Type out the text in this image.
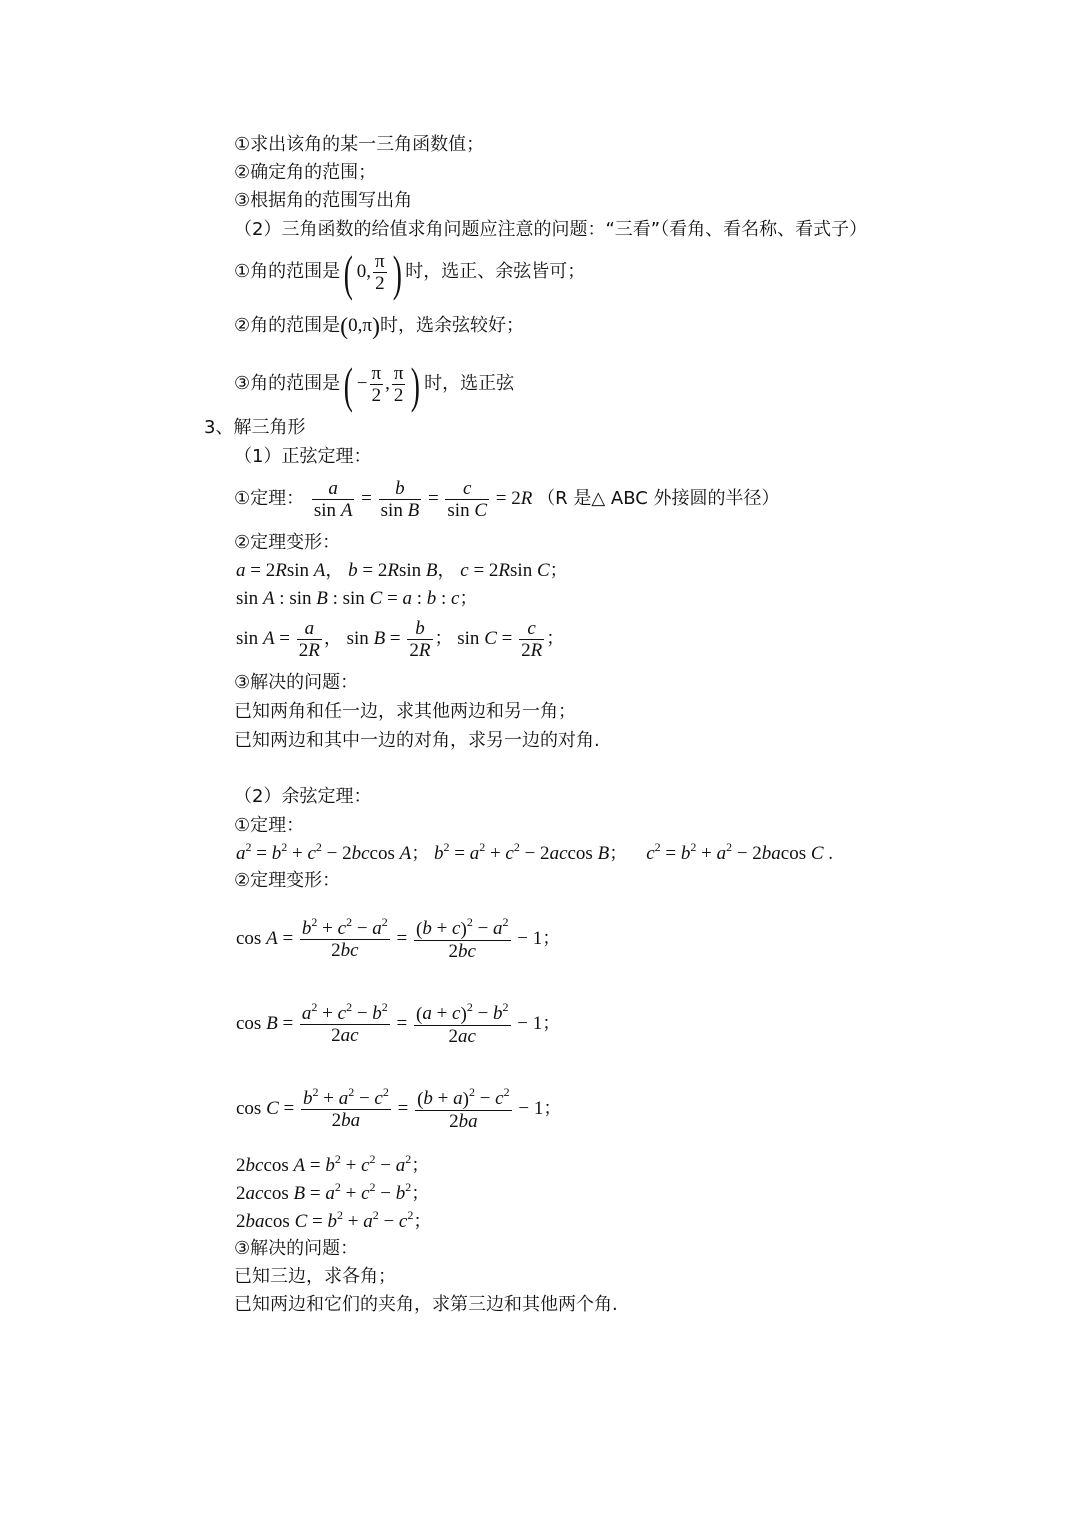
①求出该角的某一三角函数值；
②确定角的范围；
③根据角的范围写出角
（2）三角函数的给值求角问题应注意的问题：“三看”（看角、看名称、看式子）
①角的范围是( 0, $\frac{\pi}{2}$ ) 时，选正、余弦皆可；
②角的范围是(0,π)时，选余弦较好；
③角的范围是( − $\frac{\pi}{2}$ , $\frac{\pi}{2}$ ) 时，选正弦
3、解三角形
（1）正弦定理：
①定理： $\frac{a}{\text{sin A}} = \frac{b}{\text{sin B}} = \frac{c}{\text{sin C}} = 2R$ （R 是△ ABC 外接圆的半径）
②定理变形：
a = 2Rsin A， b = 2Rsin B， c = 2Rsin C；
sin A : sin B : sin C = a : b : c；
$\sin A = \frac{a}{2R}$ ， $\sin B = \frac{b}{2R}$ ； $\sin C = \frac{c}{2R}$ ；
③解决的问题：
已知两角和任一边，求其他两边和另一角；
已知两边和其中一边的对角，求另一边的对角.
（2）余弦定理：
①定理：
$a^2 = b^2 + c^2 - 2bccos$ A； $b^2 = a^2 + c^2 - 2accos$ B； $c^2 = b^2 + a^2 - 2bacos$ C .
②定理变形：
$\cos A = \frac{b^2 + c^2 - a^2}{2bc} = \frac{(b + c)^2 - a^2}{2bc} - 1$；
$\cos B = \frac{a^2 + c^2 - b^2}{2ac} = \frac{(a + c)^2 - b^2}{2ac} - 1$；
$\cos C = \frac{b^2 + a^2 - c^2}{2ba} = \frac{(b + a)^2 - c^2}{2ba} - 1$；
2bccos $A = b^2 + c^2 - a^2$；
2accos $B = a^2 + c^2 - b^2$；
2bacos $C = b^2 + a^2 - c^2$；
③解决的问题：
已知三边，求各角；
已知两边和它们的夹角，求第三边和其他两个角.
